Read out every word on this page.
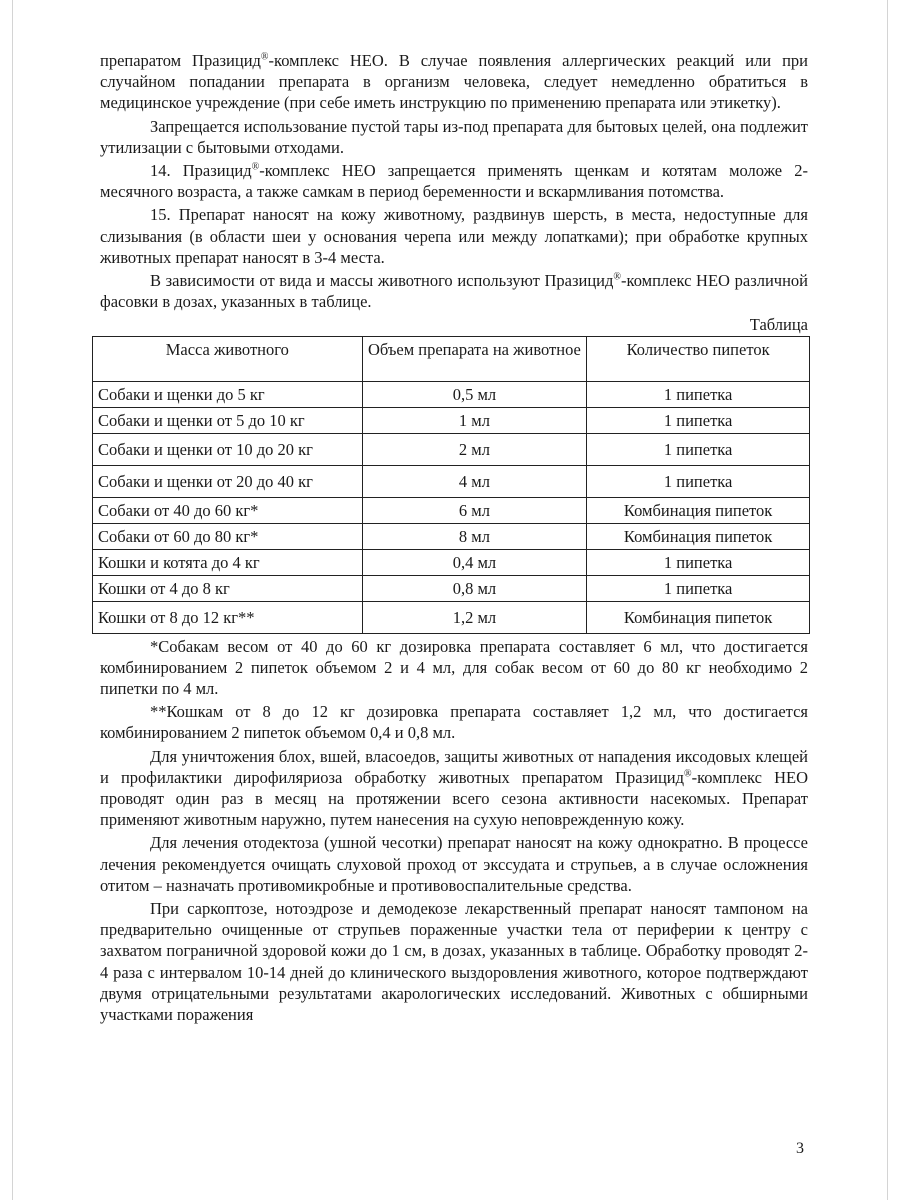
препаратом Празицид®-комплекс НЕО. В случае появления аллергических реакций или при случайном попадании препарата в организм человека, следует немедленно обратиться в медицинское учреждение (при себе иметь инструкцию по применению препарата или этикетку).

Запрещается использование пустой тары из-под препарата для бытовых целей, она подлежит утилизации с бытовыми отходами.

14. Празицид®-комплекс НЕО запрещается применять щенкам и котятам моложе 2-месячного возраста, а также самкам в период беременности и вскармливания потомства.

15. Препарат наносят на кожу животному, раздвинув шерсть, в места, недоступные для слизывания (в области шеи у основания черепа или между лопатками); при обработке крупных животных препарат наносят в 3-4 места.

В зависимости от вида и массы животного используют Празицид®-комплекс НЕО различной фасовки в дозах, указанных в таблице.

Таблица
Масса животного	Объем препарата на животное	Количество пипеток
Собаки и щенки до 5 кг	0,5 мл	1 пипетка
Собаки и щенки от 5 до 10 кг	1 мл	1 пипетка
Собаки и щенки от 10 до 20 кг	2 мл	1 пипетка
Собаки и щенки от 20 до 40 кг	4 мл	1 пипетка
Собаки от 40 до 60 кг*	6 мл	Комбинация пипеток
Собаки от 60 до 80 кг*	8 мл	Комбинация пипеток
Кошки и котята до 4 кг	0,4 мл	1 пипетка
Кошки от 4 до 8 кг	0,8 мл	1 пипетка
Кошки от 8 до 12 кг**	1,2 мл	Комбинация пипеток

*Собакам весом от 40 до 60 кг дозировка препарата составляет 6 мл, что достигается комбинированием 2 пипеток объемом 2 и 4 мл, для собак весом от 60 до 80 кг необходимо 2 пипетки по 4 мл.

**Кошкам от 8 до 12 кг дозировка препарата составляет 1,2 мл, что достигается комбинированием 2 пипеток объемом 0,4 и 0,8 мл.

Для уничтожения блох, вшей, власоедов, защиты животных от нападения иксодовых клещей и профилактики дирофиляриоза обработку животных препаратом Празицид®-комплекс НЕО проводят один раз в месяц на протяжении всего сезона активности насекомых. Препарат применяют животным наружно, путем нанесения на сухую неповрежденную кожу.

Для лечения отодектоза (ушной чесотки) препарат наносят на кожу однократно. В процессе лечения рекомендуется очищать слуховой проход от экссудата и струпьев, а в случае осложнения отитом – назначать противомикробные и противовоспалительные средства.

При саркоптозе, нотоэдрозе и демодекозе лекарственный препарат наносят тампоном на предварительно очищенные от струпьев пораженные участки тела от периферии к центру с захватом пограничной здоровой кожи до 1 см, в дозах, указанных в таблице. Обработку проводят 2-4 раза с интервалом 10-14 дней до клинического выздоровления животного, которое подтверждают двумя отрицательными результатами акарологических исследований. Животных с обширными участками поражения

3
